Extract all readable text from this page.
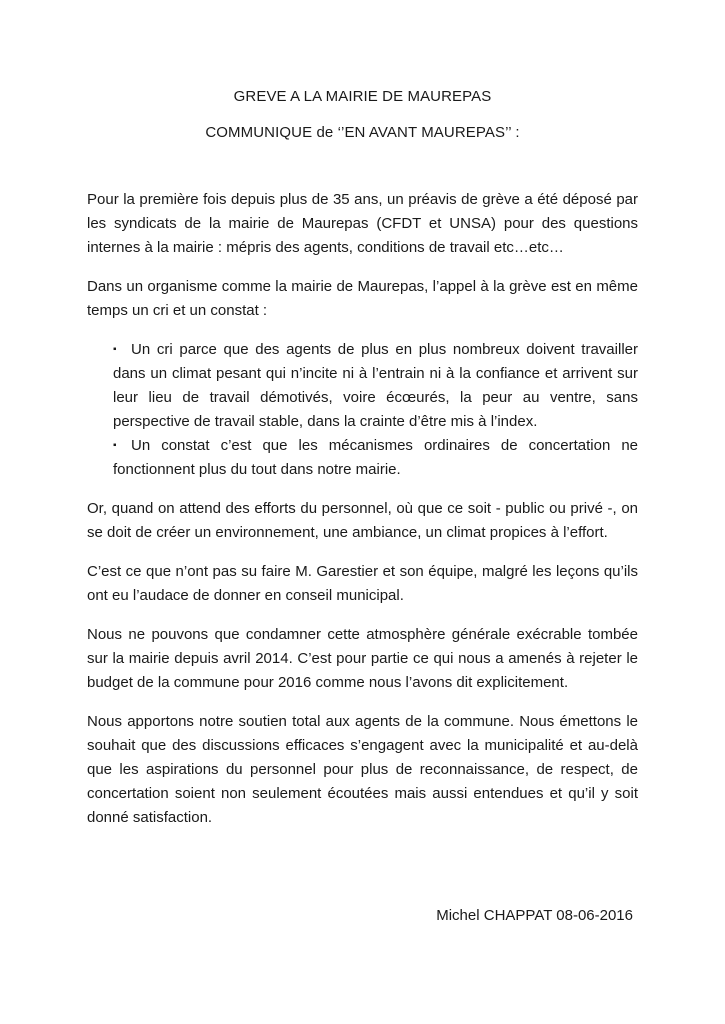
GREVE A LA MAIRIE DE MAUREPAS
COMMUNIQUE de ‘’EN AVANT MAUREPAS’’ :

Pour la première fois depuis plus de 35 ans, un préavis de grève a été déposé par les syndicats de la mairie de Maurepas (CFDT et UNSA) pour des questions internes à la mairie : mépris des agents, conditions de travail etc…etc…

Dans un organisme comme la mairie de Maurepas, l’appel à la grève est en même temps un cri et un constat :

▪ Un cri parce que des agents de plus en plus nombreux doivent travailler dans un climat pesant qui n’incite ni à l’entrain ni à la confiance et arrivent sur leur lieu de travail démotivés, voire écœurés, la peur au ventre, sans perspective de travail stable, dans la crainte d’être mis à l’index.
▪ Un constat c’est que les mécanismes ordinaires de concertation ne fonctionnent plus du tout dans notre mairie.

Or, quand on attend des efforts du personnel, où que ce soit - public ou privé -, on se doit de créer un environnement, une ambiance, un climat propices à l’effort.

C’est ce que n’ont pas su faire M. Garestier et son équipe, malgré les leçons qu’ils ont eu l’audace de donner en conseil municipal.

Nous ne pouvons que condamner cette atmosphère générale exécrable tombée sur la mairie depuis avril 2014. C’est pour partie ce qui nous a amenés à rejeter le budget de la commune pour 2016 comme nous l’avons dit explicitement.

Nous apportons notre soutien total aux agents de la commune. Nous émettons le souhait que des discussions efficaces s’engagent avec la municipalité et au-delà que les aspirations du personnel pour plus de reconnaissance, de respect, de concertation soient non seulement écoutées mais aussi entendues et qu’il y soit donné satisfaction.

Michel CHAPPAT 08-06-2016
